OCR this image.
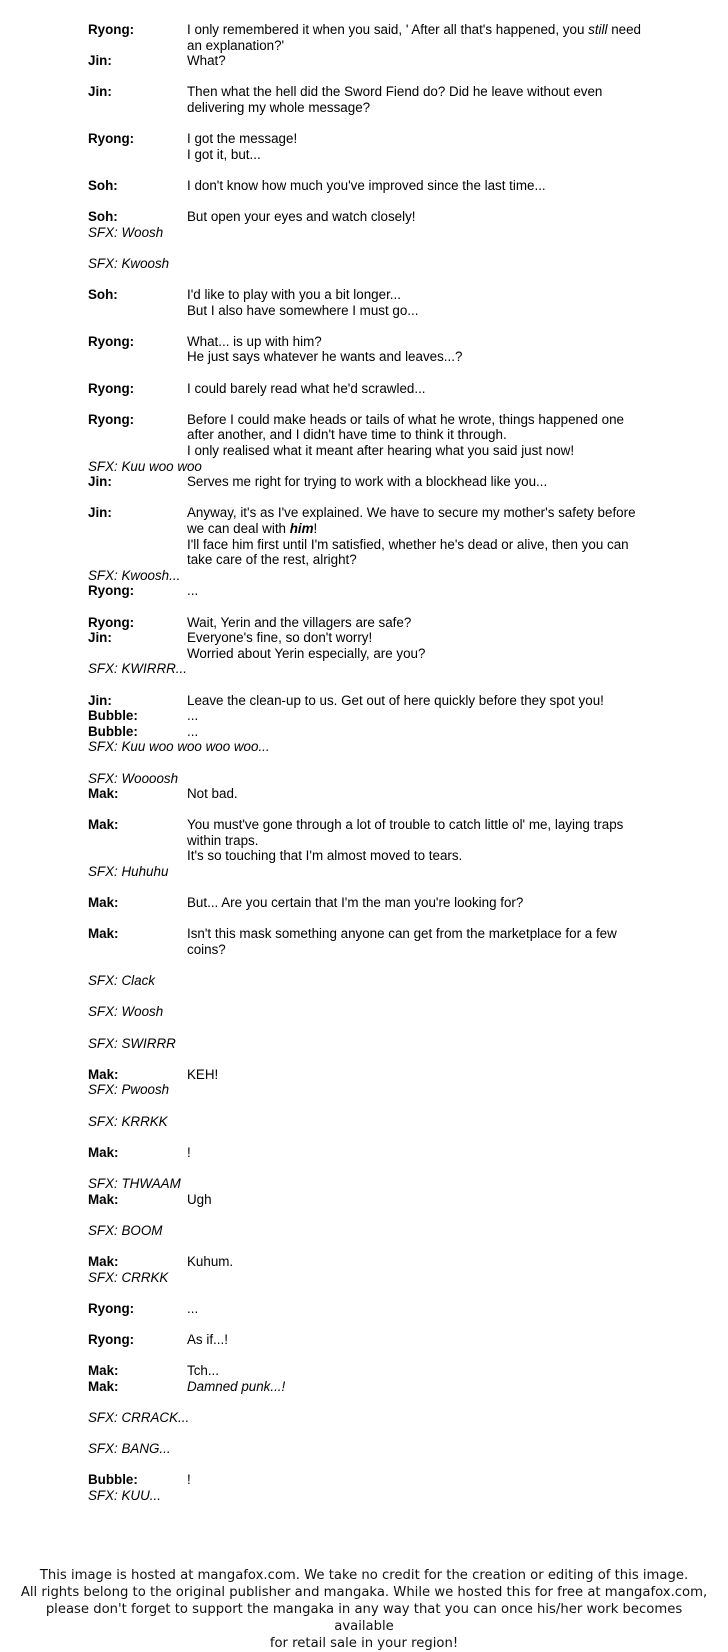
Ryong:	I only remembered it when you said, ' After all that's happened, you still need
an explanation?'
Jin:	What?
Jin:	Then what the hell did the Sword Fiend do? Did he leave without even
delivering my whole message?
Ryong:	I got the message!
I got it, but...
Soh:	I don't know how much you've improved since the last time...
Soh:	But open your eyes and watch closely!
SFX: Woosh
SFX: Kwoosh
Soh:	I'd like to play with you a bit longer...
But I also have somewhere I must go...
Ryong:	What... is up with him?
He just says whatever he wants and leaves...?
Ryong:	I could barely read what he'd scrawled...
Ryong:	Before I could make heads or tails of what he wrote, things happened one
after another, and I didn't have time to think it through.
I only realised what it meant after hearing what you said just now!
SFX: Kuu woo woo
Jin:	Serves me right for trying to work with a blockhead like you...
Jin:	Anyway, it's as I've explained. We have to secure my mother's safety before
we can deal with him!
I'll face him first until I'm satisfied, whether he's dead or alive, then you can
take care of the rest, alright?
SFX: Kwoosh...
Ryong:	...
Ryong:	Wait, Yerin and the villagers are safe?
Jin:	Everyone's fine, so don't worry!
Worried about Yerin especially, are you?
SFX: KWIRRR...
Jin:	Leave the clean-up to us. Get out of here quickly before they spot you!
Bubble:	...
Bubble:	...
SFX: Kuu woo woo woo woo...
SFX: Woooosh
Mak:	Not bad.
Mak:	You must've gone through a lot of trouble to catch little ol' me, laying traps
within traps.
It's so touching that I'm almost moved to tears.
SFX: Huhuhu
Mak:	But... Are you certain that I'm the man you're looking for?
Mak:	Isn't this mask something anyone can get from the marketplace for a few
coins?
SFX: Clack
SFX: Woosh
SFX: SWIRRR
Mak:	KEH!
SFX: Pwoosh
SFX: KRRKK
Mak:	!
SFX: THWAAM
Mak:	Ugh
SFX: BOOM
Mak:	Kuhum.
SFX: CRRKK
Ryong:	...
Ryong:	As if...!
Mak:	Tch...
Mak:	Damned punk...!
SFX: CRRACK...
SFX: BANG...
Bubble:	!
SFX: KUU...
This image is hosted at mangafox.com. We take no credit for the creation or editing of this image.
All rights belong to the original publisher and mangaka. While we hosted this for free at mangafox.com,
please don't forget to support the mangaka in any way that you can once his/her work becomes available
for retail sale in your region!
